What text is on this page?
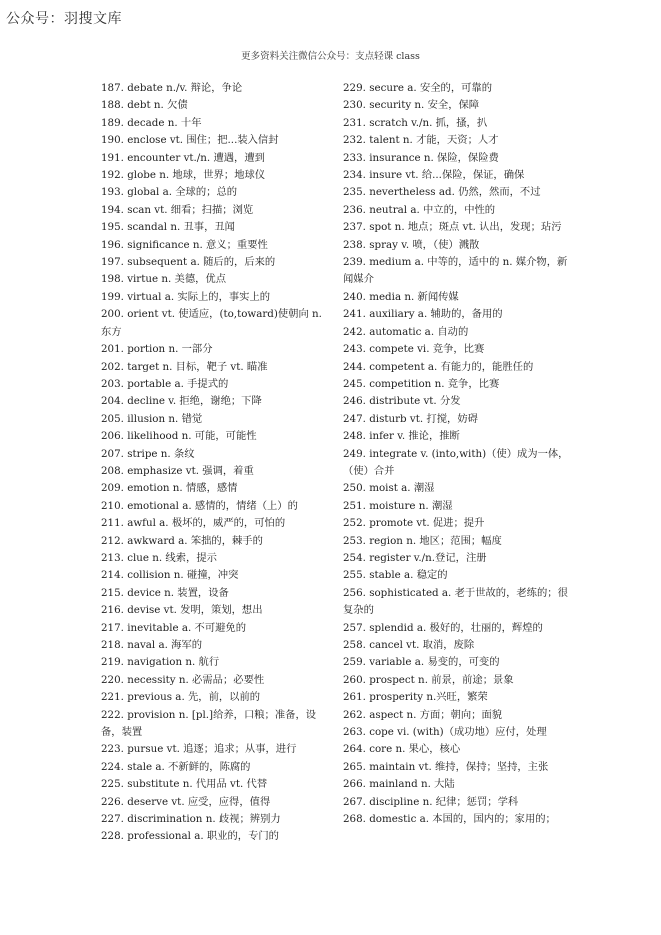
公众号：羽搜文库
更多资料关注微信公众号：支点轻课 class

187. debate n./v. 辩论，争论

188. debt n. 欠债

189. decade n. 十年

190. enclose vt. 围住；把...装入信封

191. encounter vt./n. 遭遇，遭到

192. globe n. 地球，世界；地球仪

193. global a. 全球的；总的

194. scan vt. 细看；扫描；浏览

195. scandal n. 丑事，丑闻

196. significance n. 意义；重要性

197. subsequent a. 随后的，后来的

198. virtue n. 美德，优点

199. virtual a. 实际上的，事实上的

200. orient vt. 使适应，(to,toward)使朝向 n. 东方

201. portion n. 一部分

202. target n. 目标，靶子 vt. 瞄准

203. portable a. 手提式的

204. decline v. 拒绝，谢绝；下降

205. illusion n. 错觉

206. likelihood n. 可能，可能性

207. stripe n. 条纹

208. emphasize vt. 强调，着重

209. emotion n. 情感，感情

210. emotional a. 感情的，情绪（上）的

211. awful a. 极坏的，威严的，可怕的

212. awkward a. 笨拙的，棘手的

213. clue n. 线索，提示

214. collision n. 碰撞，冲突

215. device n. 装置，设备

216. devise vt. 发明，策划，想出

217. inevitable a. 不可避免的

218. naval a. 海军的

219. navigation n. 航行

220. necessity n. 必需品；必要性

221. previous a. 先，前，以前的

222. provision n. [pl.]给养，口粮；准备，设备，装置

223. pursue vt. 追逐；追求；从事，进行

224. stale a. 不新鲜的，陈腐的

225. substitute n. 代用品 vt. 代替

226. deserve vt. 应受，应得，值得

227. discrimination n. 歧视；辨别力

228. professional a. 职业的，专门的

229. secure a. 安全的，可靠的

230. security n. 安全，保障

231. scratch v./n. 抓，搔，扒

232. talent n. 才能，天资；人才

233. insurance n. 保险，保险费

234. insure vt. 给...保险，保证，确保

235. nevertheless ad. 仍然，然而，不过

236. neutral a. 中立的，中性的

237. spot n. 地点；斑点 vt. 认出，发现；玷污

238. spray v. 喷，（使）溅散

239. medium a. 中等的，适中的 n. 媒介物，新闻媒介

240. media n. 新闻传媒

241. auxiliary a. 辅助的，备用的

242. automatic a. 自动的

243. compete vi. 竞争，比赛

244. competent a. 有能力的，能胜任的

245. competition n. 竞争，比赛

246. distribute vt. 分发

247. disturb vt. 打搅，妨碍

248. infer v. 推论，推断

249. integrate v. (into,with)（使）成为一体，（使）合并

250. moist a. 潮湿

251. moisture n. 潮湿

252. promote vt. 促进；提升

253. region n. 地区；范围；幅度

254. register v./n.登记，注册

255. stable a. 稳定的

256. sophisticated a. 老于世故的，老练的；很复杂的

257. splendid a. 极好的，壮丽的，辉煌的

258. cancel vt. 取消，废除

259. variable a. 易变的，可变的

260. prospect n. 前景，前途；景象

261. prosperity n.兴旺，繁荣

262. aspect n. 方面；朝向；面貌

263. cope vi. (with)（成功地）应付，处理

264. core n. 果心，核心

265. maintain vt. 维持，保持；坚持，主张

266. mainland n. 大陆

267. discipline n. 纪律；惩罚；学科

268. domestic a. 本国的，国内的；家用的；
